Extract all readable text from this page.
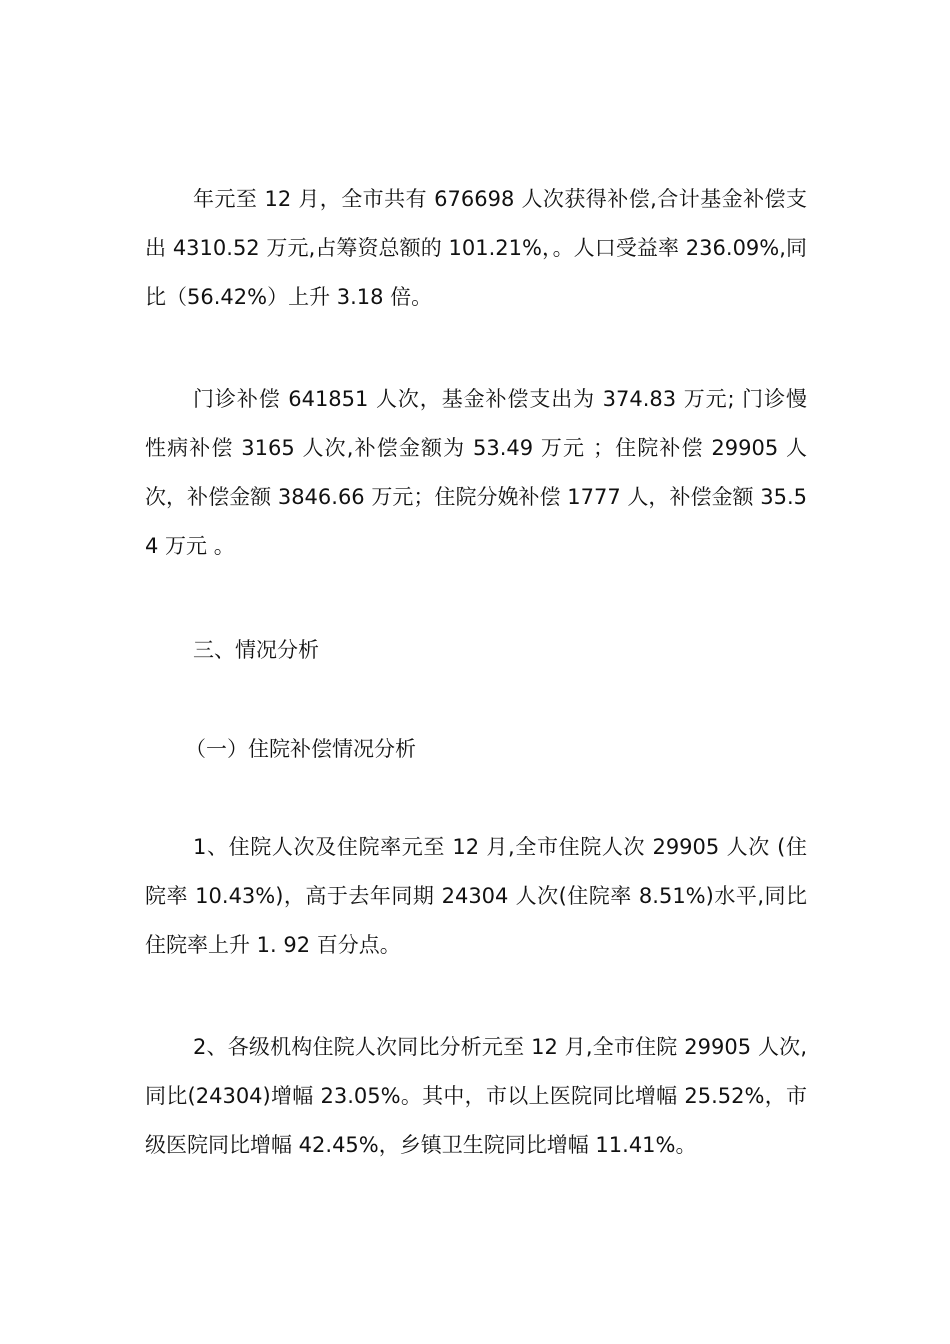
年元至 12 月，全市共有 676698 人次获得补偿,合计基金补偿支出 4310.52 万元,占筹资总额的 101.21%，。人口受益率 236.09%,同比（56.42%）上升 3.18 倍。

门诊补偿 641851 人次，基金补偿支出为 374.83 万元; 门诊慢性病补偿 3165 人次,补偿金额为 53.49 万元 ；住院补偿 29905 人次，补偿金额 3846.66 万元；住院分娩补偿 1777 人，补偿金额 35.54 万元 。

三、情况分析

（一）住院补偿情况分析

1、住院人次及住院率元至 12 月,全市住院人次 29905 人次 (住院率 10.43%)，高于去年同期 24304 人次(住院率 8.51%)水平,同比住院率上升 1. 92 百分点。

2、各级机构住院人次同比分析元至 12 月,全市住院 29905 人次,同比(24304)增幅 23.05%。其中，市以上医院同比增幅 25.52%，市级医院同比增幅 42.45%，乡镇卫生院同比增幅 11.41%。
